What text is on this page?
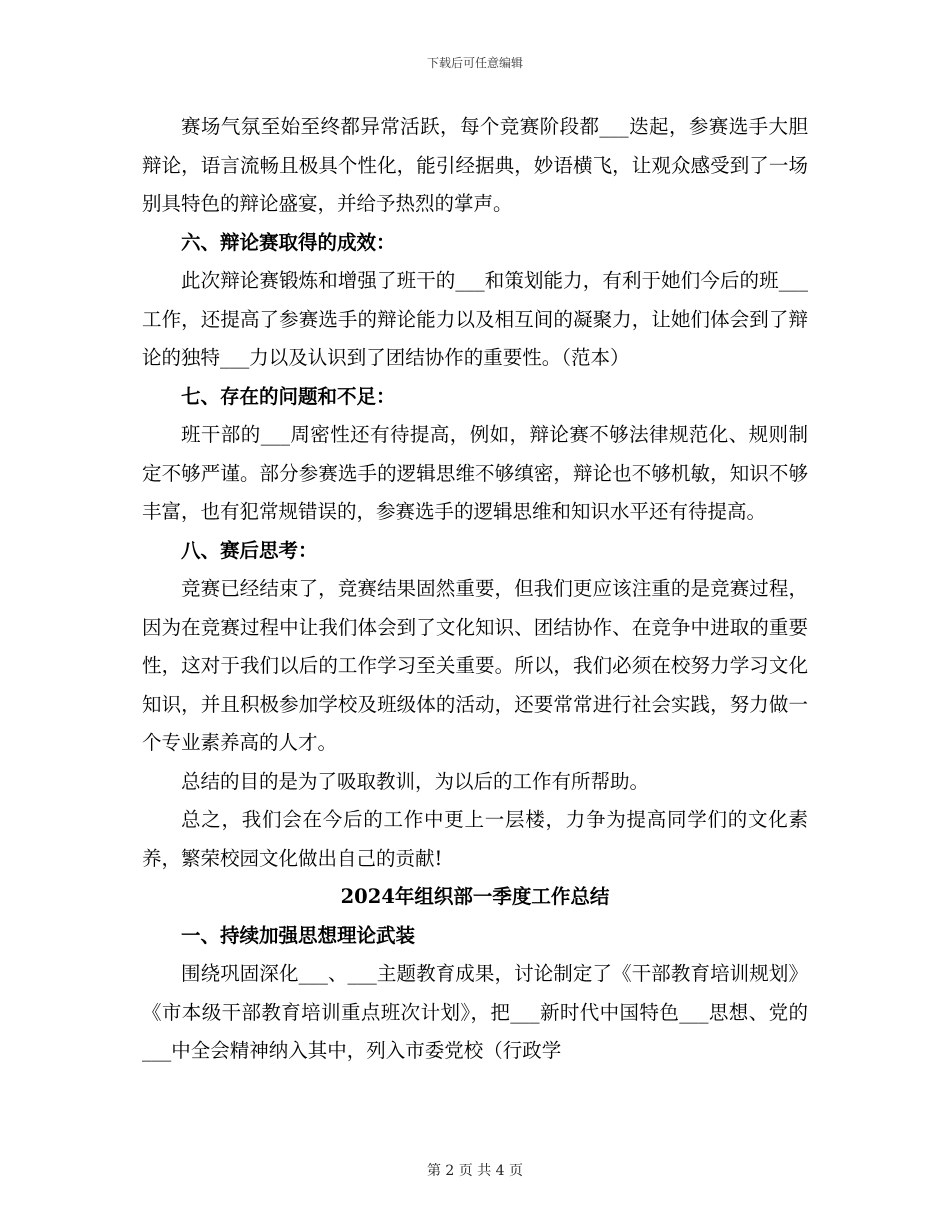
下载后可任意编辑

赛场气氛至始至终都异常活跃，每个竞赛阶段都___迭起，参赛选手大胆辩论，语言流畅且极具个性化，能引经据典，妙语横飞，让观众感受到了一场别具特色的辩论盛宴，并给予热烈的掌声。

六、辩论赛取得的成效：

此次辩论赛锻炼和增强了班干的___和策划能力，有利于她们今后的班___工作，还提高了参赛选手的辩论能力以及相互间的凝聚力，让她们体会到了辩论的独特___力以及认识到了团结协作的重要性。（范本）

七、存在的问题和不足：

班干部的___周密性还有待提高，例如，辩论赛不够法律规范化、规则制定不够严谨。部分参赛选手的逻辑思维不够缜密，辩论也不够机敏，知识不够丰富，也有犯常规错误的，参赛选手的逻辑思维和知识水平还有待提高。

八、赛后思考：

竞赛已经结束了，竞赛结果固然重要，但我们更应该注重的是竞赛过程，因为在竞赛过程中让我们体会到了文化知识、团结协作、在竞争中进取的重要性，这对于我们以后的工作学习至关重要。所以，我们必须在校努力学习文化知识，并且积极参加学校及班级体的活动，还要常常进行社会实践，努力做一个专业素养高的人才。

总结的目的是为了吸取教训，为以后的工作有所帮助。

总之，我们会在今后的工作中更上一层楼，力争为提高同学们的文化素养，繁荣校园文化做出自己的贡献!

2024年组织部一季度工作总结

一、持续加强思想理论武装

围绕巩固深化___、___主题教育成果，讨论制定了《干部教育培训规划》《市本级干部教育培训重点班次计划》，把___新时代中国特色___思想、党的___中全会精神纳入其中，列入市委党校（行政学

第 2 页 共 4 页
